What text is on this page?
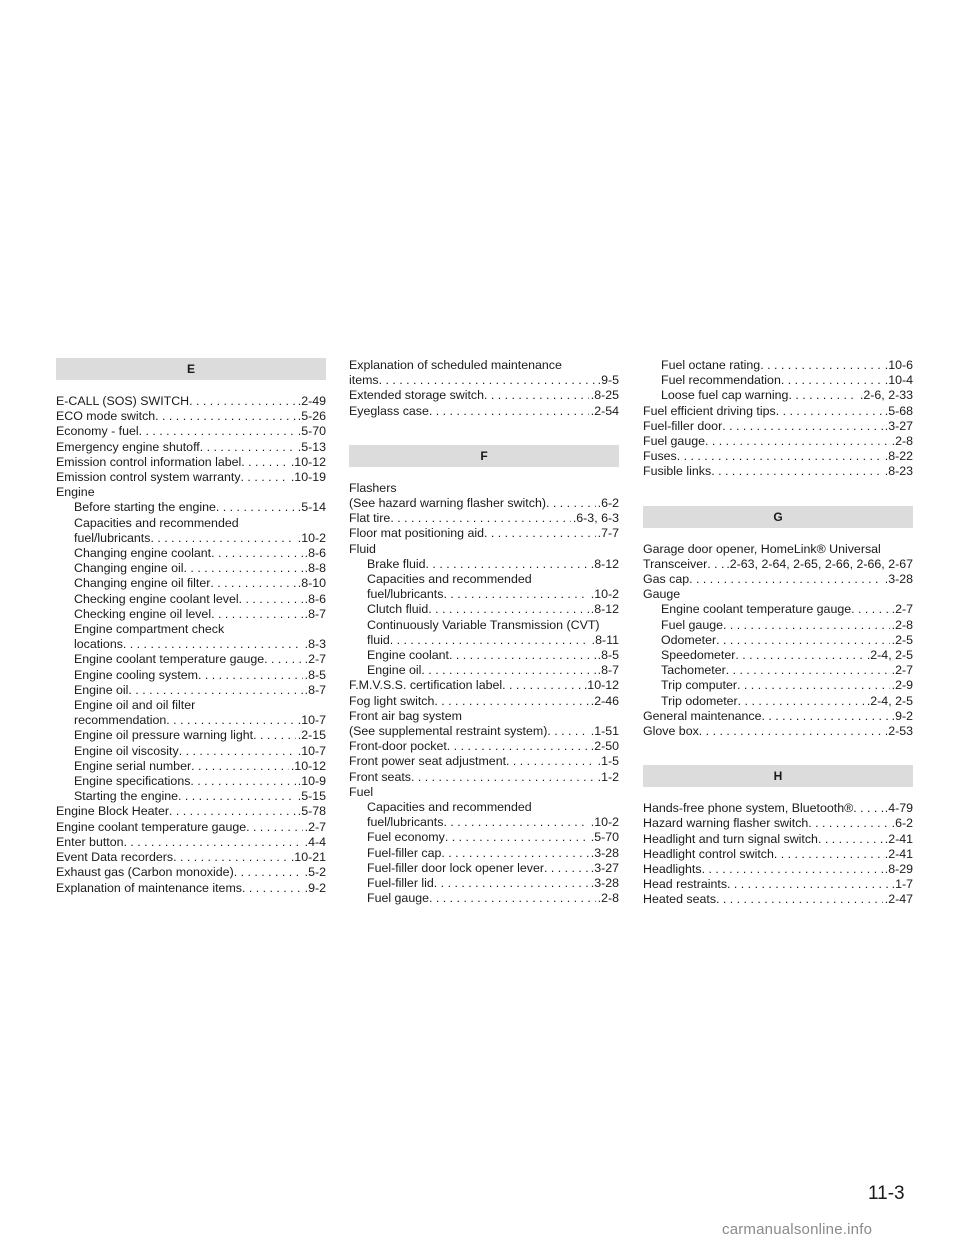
E
E-CALL (SOS) SWITCH . . .	.2-49
ECO mode switch . . .	.5-26
Economy - fuel . . .	.5-70
Emergency engine shutoff . . .	.5-13
Emission control information label . . .	.10-12
Emission control system warranty . . .	.10-19
Engine
Before starting the engine . . .	.5-14
Capacities and recommended
fuel/lubricants . . .	.10-2
Changing engine coolant . . .	.8-6
Changing engine oil . . .	.8-8
Changing engine oil filter . . .	.8-10
Checking engine coolant level . . .	.8-6
Checking engine oil level . . .	.8-7
Engine compartment check
locations . . .	.8-3
Engine coolant temperature gauge . . .	.2-7
Engine cooling system . . .	.8-5
Engine oil . . .	.8-7
Engine oil and oil filter
recommendation . . .	.10-7
Engine oil pressure warning light . . .	.2-15
Engine oil viscosity . . .	.10-7
Engine serial number . . .	.10-12
Engine specifications . . .	.10-9
Starting the engine . . .	.5-15
Engine Block Heater . . .	.5-78
Engine coolant temperature gauge . . .	.2-7
Enter button . . .	.4-4
Event Data recorders . . .	.10-21
Exhaust gas (Carbon monoxide) . . .	.5-2
Explanation of maintenance items . . .	.9-2
Explanation of scheduled maintenance
items . . .	.9-5
Extended storage switch . . .	.8-25
Eyeglass case . . .	.2-54
F
Flashers
(See hazard warning flasher switch) . . .	.6-2
Flat tire . . .	.6-3, 6-3
Floor mat positioning aid . . .	.7-7
Fluid
Brake fluid . . .	.8-12
Capacities and recommended
fuel/lubricants . . .	.10-2
Clutch fluid . . .	.8-12
Continuously Variable Transmission (CVT)
fluid . . .	.8-11
Engine coolant . . .	.8-5
Engine oil . . .	.8-7
F.M.V.S.S. certification label . . .	.10-12
Fog light switch . . .	.2-46
Front air bag system
(See supplemental restraint system) . . .	.1-51
Front-door pocket . . .	.2-50
Front power seat adjustment . . .	.1-5
Front seats . . .	.1-2
Fuel
Capacities and recommended
fuel/lubricants . . .	.10-2
Fuel economy . . .	.5-70
Fuel-filler cap . . .	.3-28
Fuel-filler door lock opener lever . . .	.3-27
Fuel-filler lid . . .	.3-28
Fuel gauge . . .	.2-8
Fuel octane rating . . .	.10-6
Fuel recommendation . . .	.10-4
Loose fuel cap warning . . .	.2-6, 2-33
Fuel efficient driving tips . . .	.5-68
Fuel-filler door . . .	.3-27
Fuel gauge . . .	.2-8
Fuses . . .	.8-22
Fusible links . . .	.8-23
G
Garage door opener, HomeLink® Universal
Transceiver . . . .2-63, 2-64, 2-65, 2-66, 2-66, 2-67
Gas cap . . .	.3-28
Gauge
Engine coolant temperature gauge . . .	.2-7
Fuel gauge . . .	.2-8
Odometer . . .	.2-5
Speedometer . . .	.2-4, 2-5
Tachometer . . .	.2-7
Trip computer . . .	.2-9
Trip odometer . . .	.2-4, 2-5
General maintenance . . .	.9-2
Glove box . . .	.2-53
H
Hands-free phone system, Bluetooth® . . .	.4-79
Hazard warning flasher switch . . .	.6-2
Headlight and turn signal switch . . .	.2-41
Headlight control switch . . .	.2-41
Headlights . . .	.8-29
Head restraints . . .	.1-7
Heated seats . . .	.2-47
11-3
carmanualsonline.info
